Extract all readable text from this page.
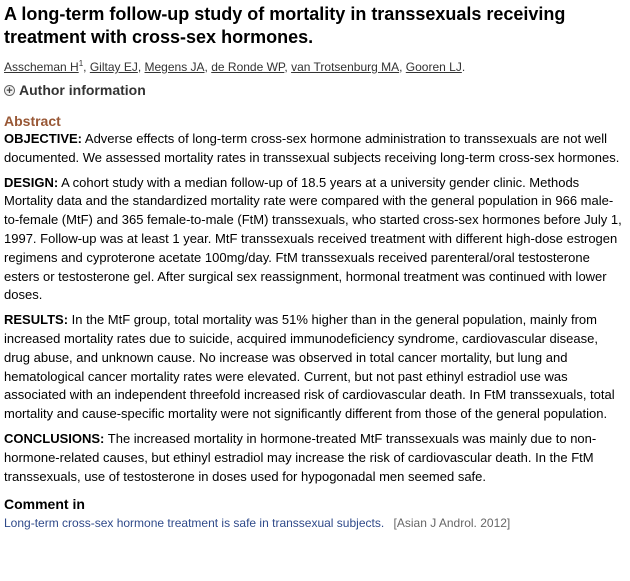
A long-term follow-up study of mortality in transsexuals receiving treatment with cross-sex hormones.
Asscheman $H^1$, Giltay EJ, Megens JA, de Ronde WP, van Trotsenburg MA, Gooren LJ.
+ Author information
Abstract

OBJECTIVE: Adverse effects of long-term cross-sex hormone administration to transsexuals are not well documented. We assessed mortality rates in transsexual subjects receiving long-term cross-sex hormones.

DESIGN: A cohort study with a median follow-up of 18.5 years at a university gender clinic. Methods Mortality data and the standardized mortality rate were compared with the general population in 966 male-to-female (MtF) and 365 female-to-male (FtM) transsexuals, who started cross-sex hormones before July 1, 1997. Follow-up was at least 1 year. MtF transsexuals received treatment with different high-dose estrogen regimens and cyproterone acetate 100mg/day. FtM transsexuals received parenteral/oral testosterone esters or testosterone gel. After surgical sex reassignment, hormonal treatment was continued with lower doses.

RESULTS: In the MtF group, total mortality was 51% higher than in the general population, mainly from increased mortality rates due to suicide, acquired immunodeficiency syndrome, cardiovascular disease, drug abuse, and unknown cause. No increase was observed in total cancer mortality, but lung and hematological cancer mortality rates were elevated. Current, but not past ethinyl estradiol use was associated with an independent threefold increased risk of cardiovascular death. In FtM transsexuals, total mortality and cause-specific mortality were not significantly different from those of the general population.

CONCLUSIONS: The increased mortality in hormone-treated MtF transsexuals was mainly due to non-hormone-related causes, but ethinyl estradiol may increase the risk of cardiovascular death. In the FtM transsexuals, use of testosterone in doses used for hypogonadal men seemed safe.

Comment in
Long-term cross-sex hormone treatment is safe in transsexual subjects. [Asian J Androl. 2012]
